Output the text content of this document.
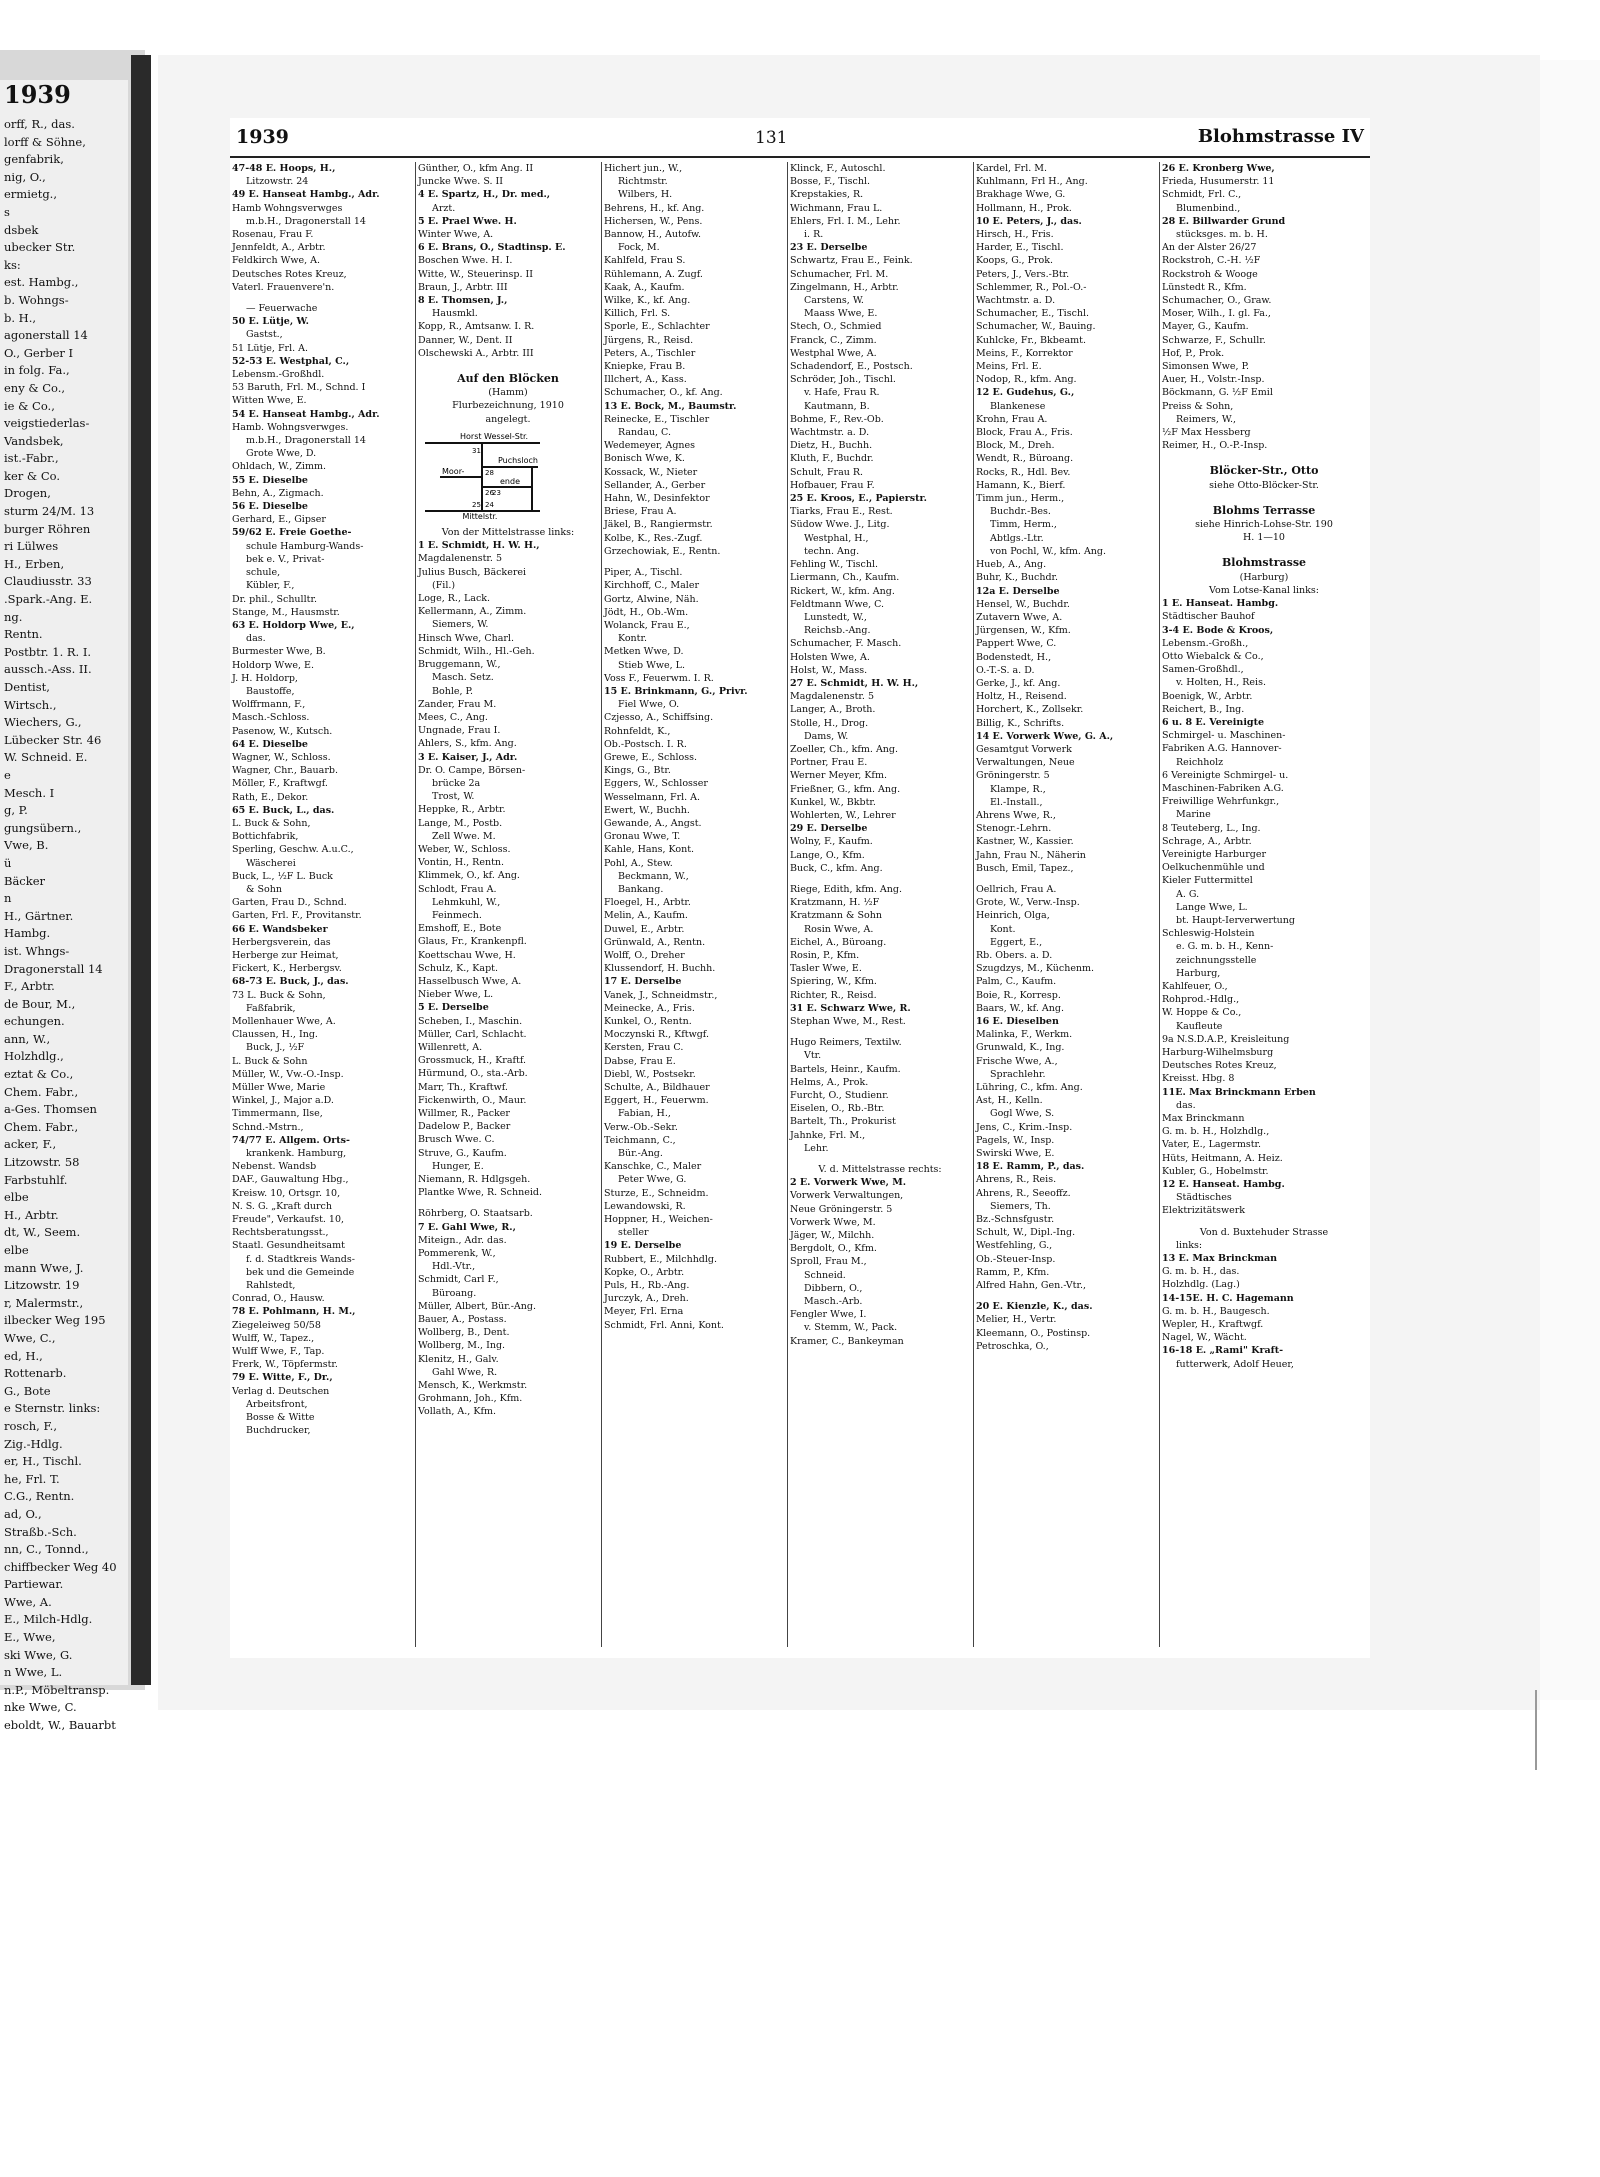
1939
orff, R., das.
lorff & Söhne,
genfabrik,
nig, O.,
ermietg.,
s
dsbek
ubecker Str.
ks:
est. Hambg.,
b. Wohngs-
b. H.,
agonerstall 14
O., Gerber I
in folg. Fa.,
eny & Co.,
ie & Co.,
veigstiederlas-
Vandsbek,
ist.-Fabr.,
ker & Co.
Drogen,
sturm 24/M. 13
burger Röhren
ri Lülwes
H., Erben,
Claudiusstr. 33
.Spark.-Ang. E.
ng.
Rentn.
Postbtr. 1. R. I.
aussch.-Ass. II.
Dentist,
Wirtsch.,
Wiechers, G.,
Lübecker Str. 46
W. Schneid. E.
e
Mesch. I
g, P.
gungsübern.,
Vwe, B.
ü
Bäcker
n
H., Gärtner.
Hambg.
ist. Whngs-
Dragonerstall 14
F., Arbtr.
de Bour, M.,
echungen.
ann, W.,
Holzhdlg.,
eztat & Co.,
Chem. Fabr.,
a-Ges. Thomsen
Chem. Fabr.,
acker, F.,
Litzowstr. 58
Farbstuhlf.
elbe
H., Arbtr.
dt, W., Seem.
elbe
mann Wwe, J.
Litzowstr. 19
r, Malermstr.,
ilbecker Weg 195
Wwe, C.,
ed, H.,
Rottenarb.
G., Bote
e Sternstr. links:
rosch, F.,
Zig.-Hdlg.
er, H., Tischl.
he, Frl. T.
C.G., Rentn.
ad, O.,
Straßb.-Sch.
nn, C., Tonnd.,
chiffbecker Weg 40
Partiewar.
Wwe, A.
E., Milch-Hdlg.
E., Wwe,
ski Wwe, G.
n Wwe, L.
n.P., Möbeltransp.
nke Wwe, C.
eboldt, W., Bauarbt
1939	131	Blohmstrasse IV
47-48 E. Hoops, H.,
Litzowstr. 24
49 E. Hanseat Hambg., Adr.
Hamb Wohngsverwges
m.b.H., Dragonerstall 14
Rosenau, Frau F.
Jennfeldt, A., Arbtr.
Feldkirch Wwe, A.
Deutsches Rotes Kreuz,
Vaterl. Frauenvere'n.
— Feuerwache
50 E. Lütje, W.
Gastst.,
51 Lütje, Frl. A.
52-53 E. Westphal, C.,
Lebensm.-Großhdl.
53 Baruth, Frl. M., Schnd. I
Witten Wwe, E.
54 E. Hanseat Hambg., Adr.
Hamb. Wohngsverwges.
m.b.H., Dragonerstall 14
Grote Wwe, D.
Ohldach, W., Zimm.
55 E. Dieselbe
Behn, A., Zigmach.
56 E. Dieselbe
Gerhard, E., Gipser
59/62 E. Freie Goethe-
schule Hamburg-Wands-
bek e. V., Privat-
schule,
Kübler, F.,
Dr. phil., Schulltr.
Stange, M., Hausmstr.
63 E. Holdorp Wwe, E.,
das.
Burmester Wwe, B.
Holdorp Wwe, E.
J. H. Holdorp,
Baustoffe,
Wolffrmann, F.,
Masch.-Schloss.
Pasenow, W., Kutsch.
64 E. Dieselbe
Wagner, W., Schloss.
Wagner, Chr., Bauarb.
Möller, F., Kraftwgf.
Rath, E., Dekor.
65 E. Buck, L., das.
L. Buck & Sohn,
Bottichfabrik,
Sperling, Geschw. A.u.C.,
Wäscherei
Buck, L., ½F L. Buck
& Sohn
Garten, Frau D., Schnd.
Garten, Frl. F., Provitanstr.
66 E. Wandsbeker
Herbergsverein, das
Herberge zur Heimat,
Fickert, K., Herbergsv.
68-73 E. Buck, J., das.
73 L. Buck & Sohn,
Faßfabrik,
Mollenhauer Wwe, A.
Claussen, H., Ing.
Buck, J., ½F
L. Buck & Sohn
Müller, W., Vw.-O.-Insp.
Müller Wwe, Marie
Winkel, J., Major a.D.
Timmermann, Ilse,
Schnd.-Mstrn.,
74/77 E. Allgem. Orts-
krankenk. Hamburg,
Nebenst. Wandsb
DAF., Gauwaltung Hbg.,
Kreisw. 10, Ortsgr. 10,
N. S. G. „Kraft durch
Freude", Verkaufst. 10,
Rechtsberatungsst.,
Staatl. Gesundheitsamt
f. d. Stadtkreis Wands-
bek und die Gemeinde
Rahlstedt,
Conrad, O., Hausw.
78 E. Pohlmann, H. M.,
Ziegeleiweg 50/58
Wulff, W., Tapez.,
Wulff Wwe, F., Tap.
Frerk, W., Töpfermstr.
79 E. Witte, F., Dr.,
Verlag d. Deutschen
Arbeitsfront,
Bosse & Witte
Buchdrucker,
Günther, O., kfm Ang. II
Juncke Wwe. S. II
4 E. Spartz, H., Dr. med.,
Arzt.
5 E. Prael Wwe. H.
Winter Wwe, A.
6 E. Brans, O., Stadtinsp. E.
Boschen Wwe. H. I.
Witte, W., Steuerinsp. II
Braun, J., Arbtr. III
8 E. Thomsen, J.,
Hausmkl.
Kopp, R., Amtsanw. I. R.
Danner, W., Dent. II
Olschewski A., Arbtr. III
Auf den Blöcken
(Hamm)
Flurbezeichnung, 1910
angelegt.
Horst Wessel-Str.
Puchsloch
Moor-
ende
Mittelstr.
31
28
26
25 24
23
Von der Mittelstrasse links:
1 E. Schmidt, H. W. H.,
Magdalenenstr. 5
Julius Busch, Bäckerei
(Fil.)
Loge, R., Lack.
Kellermann, A., Zimm.
Siemers, W.
Hinsch Wwe, Charl.
Schmidt, Wilh., Hl.-Geh.
Bruggemann, W.,
Masch. Setz.
Bohle, P.
Zander, Frau M.
Mees, C., Ang.
Ungnade, Frau I.
Ahlers, S., kfm. Ang.
3 E. Kaiser, J., Adr.
Dr. O. Campe, Börsen-
brücke 2a
Trost, W.
Heppke, R., Arbtr.
Lange, M., Postb.
Zell Wwe. M.
Weber, W., Schloss.
Vontin, H., Rentn.
Klimmek, O., kf. Ang.
Schlodt, Frau A.
Lehmkuhl, W.,
Feinmech.
Emshoff, E., Bote
Glaus, Fr., Krankenpfl.
Koettschau Wwe, H.
Schulz, K., Kapt.
Hasselbusch Wwe, A.
Nieber Wwe, L.
5 E. Derselbe
Scheben, I., Maschin.
Müller, Carl, Schlacht.
Willenrett, A.
Grossmuck, H., Kraftf.
Hürmund, O., sta.-Arb.
Marr, Th., Kraftwf.
Fickenwirth, O., Maur.
Willmer, R., Packer
Dadelow P., Backer
Brusch Wwe. C.
Struve, G., Kaufm.
Hunger, E.
Niemann, R. Hdlgsgeh.
Plantke Wwe, R. Schneid.
Röhrberg, O. Staatsarb.
7 E. Gahl Wwe, R.,
Miteign., Adr. das.
Pommerenk, W.,
Hdl.-Vtr.,
Schmidt, Carl F.,
Büroang.
Müller, Albert, Bür.-Ang.
Bauer, A., Postass.
Wollberg, B., Dent.
Wollberg, M., Ing.
Klenitz, H., Galv.
Gahl Wwe, R.
Mensch, K., Werkmstr.
Grohmann, Joh., Kfm.
Vollath, A., Kfm.
Hichert jun., W.,
Richtmstr.
Wilbers, H.
Behrens, H., kf. Ang.
Hichersen, W., Pens.
Bannow, H., Autofw.
Fock, M.
Kahlfeld, Frau S.
Rühlemann, A. Zugf.
Kaak, A., Kaufm.
Wilke, K., kf. Ang.
Killich, Frl. S.
Sporle, E., Schlachter
Jürgens, R., Reisd.
Peters, A., Tischler
Kniepke, Frau B.
Illchert, A., Kass.
Schumacher, O., kf. Ang.
13 E. Bock, M., Baumstr.
Reinecke, E., Tischler
Randau, C.
Wedemeyer, Agnes
Bonisch Wwe, K.
Kossack, W., Nieter
Sellander, A., Gerber
Hahn, W., Desinfektor
Briese, Frau A.
Jäkel, B., Rangiermstr.
Kolbe, K., Res.-Zugf.
Grzechowiak, E., Rentn.
Piper, A., Tischl.
Kirchhoff, C., Maler
Gortz, Alwine, Näh.
Jödt, H., Ob.-Wm.
Wolanck, Frau E.,
Kontr.
Metken Wwe, D.
Stieb Wwe, L.
Voss F., Feuerwm. I. R.
15 E. Brinkmann, G., Privr.
Fiel Wwe, O.
Czjesso, A., Schiffsing.
Rohnfeldt, K.,
Ob.-Postsch. I. R.
Grewe, E., Schloss.
Kings, G., Btr.
Eggers, W., Schlosser
Wesselmann, Frl. A.
Ewert, W., Buchh.
Gewande, A., Angst.
Gronau Wwe, T.
Kahle, Hans, Kont.
Pohl, A., Stew.
Beckmann, W.,
Bankang.
Floegel, H., Arbtr.
Melin, A., Kaufm.
Duwel, E., Arbtr.
Grünwald, A., Rentn.
Wolff, O., Dreher
Klussendorf, H. Buchh.
17 E. Derselbe
Vanek, J., Schneidmstr.,
Meinecke, A., Fris.
Kunkel, O., Rentn.
Moczynski R., Kftwgf.
Kersten, Frau C.
Dabse, Frau E.
Diebl, W., Postsekr.
Schulte, A., Bildhauer
Eggert, H., Feuerwm.
Fabian, H.,
Verw.-Ob.-Sekr.
Teichmann, C.,
Bür.-Ang.
Kanschke, C., Maler
Peter Wwe, G.
Sturze, E., Schneidm.
Lewandowski, R.
Hoppner, H., Weichen-
steller
19 E. Derselbe
Rubbert, E., Milchhdlg.
Kopke, O., Arbtr.
Puls, H., Rb.-Ang.
Jurczyk, A., Dreh.
Meyer, Frl. Erna
Schmidt, Frl. Anni, Kont.
Klinck, F., Autoschl.
Bosse, F., Tischl.
Krepstakies, R.
Wichmann, Frau L.
Ehlers, Frl. I. M., Lehr.
i. R.
23 E. Derselbe
Schwartz, Frau E., Feink.
Schumacher, Frl. M.
Zingelmann, H., Arbtr.
Carstens, W.
Maass Wwe, E.
Stech, O., Schmied
Franck, C., Zimm.
Westphal Wwe, A.
Schadendorf, E., Postsch.
Schröder, Joh., Tischl.
v. Hafe, Frau R.
Kautmann, B.
Bohme, F., Rev.-Ob.
Wachtmstr. a. D.
Dietz, H., Buchh.
Kluth, F., Buchdr.
Schult, Frau R.
Hofbauer, Frau F.
25 E. Kroos, E., Papierstr.
Tiarks, Frau E., Rest.
Südow Wwe. J., Litg.
Westphal, H.,
techn. Ang.
Fehling W., Tischl.
Liermann, Ch., Kaufm.
Rickert, W., kfm. Ang.
Feldtmann Wwe, C.
Lunstedt, W.,
Reichsb.-Ang.
Schumacher, F. Masch.
Holsten Wwe, A.
Holst, W., Mass.
27 E. Schmidt, H. W. H.,
Magdalenenstr. 5
Langer, A., Broth.
Stolle, H., Drog.
Dams, W.
Zoeller, Ch., kfm. Ang.
Portner, Frau E.
Werner Meyer, Kfm.
Frießner, G., kfm. Ang.
Kunkel, W., Bkbtr.
Wohlerten, W., Lehrer
29 E. Derselbe
Wolny, F., Kaufm.
Lange, O., Kfm.
Buck, C., kfm. Ang.
Riege, Edith, kfm. Ang.
Kratzmann, H. ½F
Kratzmann & Sohn
Rosin Wwe, A.
Eichel, A., Büroang.
Rosin, P., Kfm.
Tasler Wwe, E.
Spiering, W., Kfm.
Richter, R., Reisd.
31 E. Schwarz Wwe, R.
Stephan Wwe, M., Rest.
Hugo Reimers, Textilw.
Vtr.
Bartels, Heinr., Kaufm.
Helms, A., Prok.
Furcht, O., Studienr.
Eiselen, O., Rb.-Btr.
Bartelt, Th., Prokurist
Jahnke, Frl. M.,
Lehr.
V. d. Mittelstrasse rechts:
2 E. Vorwerk Wwe, M.
Vorwerk Verwaltungen,
Neue Gröningerstr. 5
Vorwerk Wwe, M.
Jäger, W., Milchh.
Bergdolt, O., Kfm.
Sproll, Frau M.,
Schneid.
Dibbern, O.,
Masch.-Arb.
Fengler Wwe, I.
v. Stemm, W., Pack.
Kramer, C., Bankeyman
Kardel, Frl. M.
Kuhlmann, Frl H., Ang.
Brakhage Wwe, G.
Hollmann, H., Prok.
10 E. Peters, J., das.
Hirsch, H., Fris.
Harder, E., Tischl.
Koops, G., Prok.
Peters, J., Vers.-Btr.
Schlemmer, R., Pol.-O.-
Wachtmstr. a. D.
Schumacher, E., Tischl.
Schumacher, W., Bauing.
Kuhlcke, Fr., Bkbeamt.
Meins, F., Korrektor
Meins, Frl. E.
Nodop, R., kfm. Ang.
12 E. Gudehus, G.,
Blankenese
Krohn, Frau A.
Block, Frau A., Fris.
Block, M., Dreh.
Wendt, R., Büroang.
Rocks, R., Hdl. Bev.
Hamann, K., Bierf.
Timm jun., Herm.,
Buchdr.-Bes.
Timm, Herm.,
Abtlgs.-Ltr.
von Pochl, W., kfm. Ang.
Hueb, A., Ang.
Buhr, K., Buchdr.
12a E. Derselbe
Hensel, W., Buchdr.
Zutavern Wwe, A.
Jürgensen, W., Kfm.
Pappert Wwe, C.
Bodenstedt, H.,
O.-T.-S. a. D.
Gerke, J., kf. Ang.
Holtz, H., Reisend.
Horchert, K., Zollsekr.
Billig, K., Schrifts.
14 E. Vorwerk Wwe, G. A.,
Gesamtgut Vorwerk
Verwaltungen, Neue
Gröningerstr. 5
Klampe, R.,
El.-Install.,
Ahrens Wwe, R.,
Stenogr.-Lehrn.
Kastner, W., Kassier.
Jahn, Frau N., Näherin
Busch, Emil, Tapez.,
Oellrich, Frau A.
Grote, W., Verw.-Insp.
Heinrich, Olga,
Kont.
Eggert, E.,
Rb. Obers. a. D.
Szugdzys, M., Küchenm.
Palm, C., Kaufm.
Boie, R., Korresp.
Baars, W., kf. Ang.
16 E. Dieselben
Malinka, F., Werkm.
Grunwald, K., Ing.
Frische Wwe, A.,
Sprachlehr.
Lühring, C., kfm. Ang.
Ast, H., Kelln.
Gogl Wwe, S.
Jens, C., Krim.-Insp.
Pagels, W., Insp.
Swirski Wwe, E.
18 E. Ramm, P., das.
Ahrens, R., Reis.
Ahrens, R., Seeoffz.
Siemers, Th.
Bz.-Schnsfgustr.
Schult, W., Dipl.-Ing.
Westfehling, G.,
Ob.-Steuer-Insp.
Ramm, P., Kfm.
Alfred Hahn, Gen.-Vtr.,
20 E. Kienzle, K., das.
Melier, H., Vertr.
Kleemann, O., Postinsp.
Petroschka, O.,
26 E. Kronberg Wwe,
Frieda, Husumerstr. 11
Schmidt, Frl. C.,
Blumenbind.,
28 E. Billwarder Grund
stücksges. m. b. H.
An der Alster 26/27
Rockstroh, C.-H. ½F
Rockstroh & Wooge
Lünstedt R., Kfm.
Schumacher, O., Graw.
Moser, Wilh., I. gl. Fa.,
Mayer, G., Kaufm.
Schwarze, F., Schullr.
Hof, P., Prok.
Simonsen Wwe, P.
Auer, H., Volstr.-Insp.
Böckmann, G. ½F Emil
Preiss & Sohn,
Reimers, W.,
½F Max Hessberg
Reimer, H., O.-P.-Insp.
Blöcker-Str., Otto
siehe Otto-Blöcker-Str.
Blohms Terrasse
siehe Hinrich-Lohse-Str. 190
H. 1—10
Blohmstrasse
(Harburg)
Vom Lotse-Kanal links:
1 E. Hanseat. Hambg.
Städtischer Bauhof
3-4 E. Bode & Kroos,
Lebensm.-Großh.,
Otto Wiebalck & Co.,
Samen-Großhdl.,
v. Holten, H., Reis.
Boenigk, W., Arbtr.
Reichert, B., Ing.
6 u. 8 E. Vereinigte
Schmirgel- u. Maschinen-
Fabriken A.G. Hannover-
Reichholz
6 Vereinigte Schmirgel- u.
Maschinen-Fabriken A.G.
Freiwillige Wehrfunkgr.,
Marine
8 Teuteberg, L., Ing.
Schrage, A., Arbtr.
Vereinigte Harburger
Oelkuchenmühle und
Kieler Futtermittel
A. G.
Lange Wwe, L.
bt. Haupt-Ierverwertung
Schleswig-Holstein
e. G. m. b. H., Kenn-
zeichnungsstelle
Harburg,
Kahlfeuer, O.,
Rohprod.-Hdlg.,
W. Hoppe & Co.,
Kaufleute
9a N.S.D.A.P., Kreisleitung
Harburg-Wilhelmsburg
Deutsches Rotes Kreuz,
Kreisst. Hbg. 8
11E. Max Brinckmann Erben
das.
Max Brinckmann
G. m. b. H., Holzhdlg.,
Vater, E., Lagermstr.
Hüts, Heitmann, A. Heiz.
Kubler, G., Hobelmstr.
12 E. Hanseat. Hambg.
Städtisches
Elektrizitätswerk
Von d. Buxtehuder Strasse
links:
13 E. Max Brinckman
G. m. b. H., das.
Holzhdlg. (Lag.)
14-15E. H. C. Hagemann
G. m. b. H., Baugesch.
Wepler, H., Kraftwgf.
Nagel, W., Wächt.
16-18 E. „Rami" Kraft-
futterwerk, Adolf Heuer,
